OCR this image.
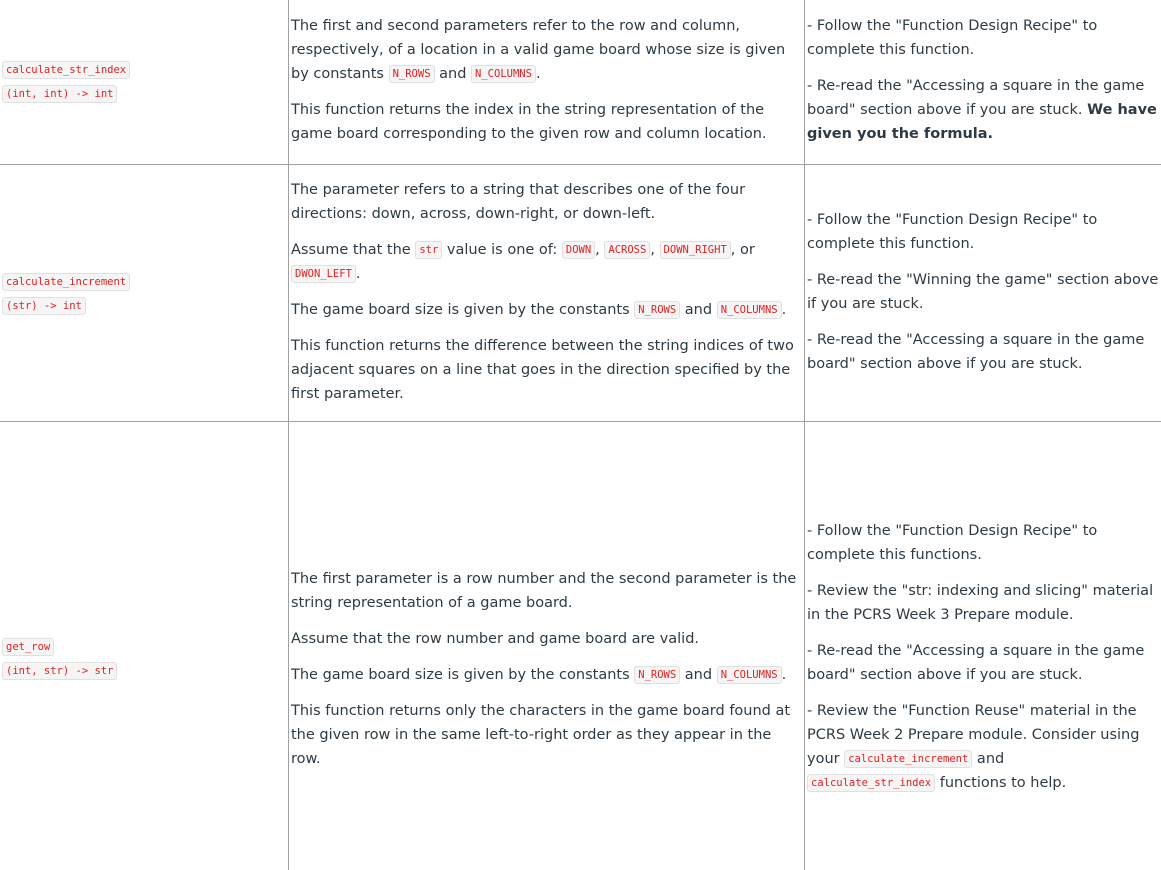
calculate_str_index
(int, int) -> int

The first and second parameters refer to the row and column, respectively, of a location in a valid game board whose size is given by constants N_ROWS and N_COLUMNS .

This function returns the index in the string representation of the game board corresponding to the given row and column location.

- Follow the "Function Design Recipe" to complete this function.

- Re-read the "Accessing a square in the game board" section above if you are stuck. We have given you the formula.

calculate_increment
(str) -> int

The parameter refers to a string that describes one of the four directions: down, across, down-right, or down-left.

Assume that the str value is one of: DOWN , ACROSS , DOWN_RIGHT , or
DWON_LEFT .

The game board size is given by the constants N_ROWS and N_COLUMNS .

This function returns the difference between the string indices of two adjacent squares on a line that goes in the direction specified by the first parameter.

- Follow the "Function Design Recipe" to complete this function.

- Re-read the "Winning the game" section above if you are stuck.

- Re-read the "Accessing a square in the game board" section above if you are stuck.

get_row
(int, str) -> str

The first parameter is a row number and the second parameter is the string representation of a game board.

Assume that the row number and game board are valid.

The game board size is given by the constants N_ROWS and N_COLUMNS .

This function returns only the characters in the game board found at the given row in the same left-to-right order as they appear in the row.

- Follow the "Function Design Recipe" to complete this functions.

- Review the "str: indexing and slicing" material in the PCRS Week 3 Prepare module.

- Re-read the "Accessing a square in the game board" section above if you are stuck.

- Review the "Function Reuse" material in the PCRS Week 2 Prepare module. Consider using your calculate_increment and
calculate_str_index functions to help.
